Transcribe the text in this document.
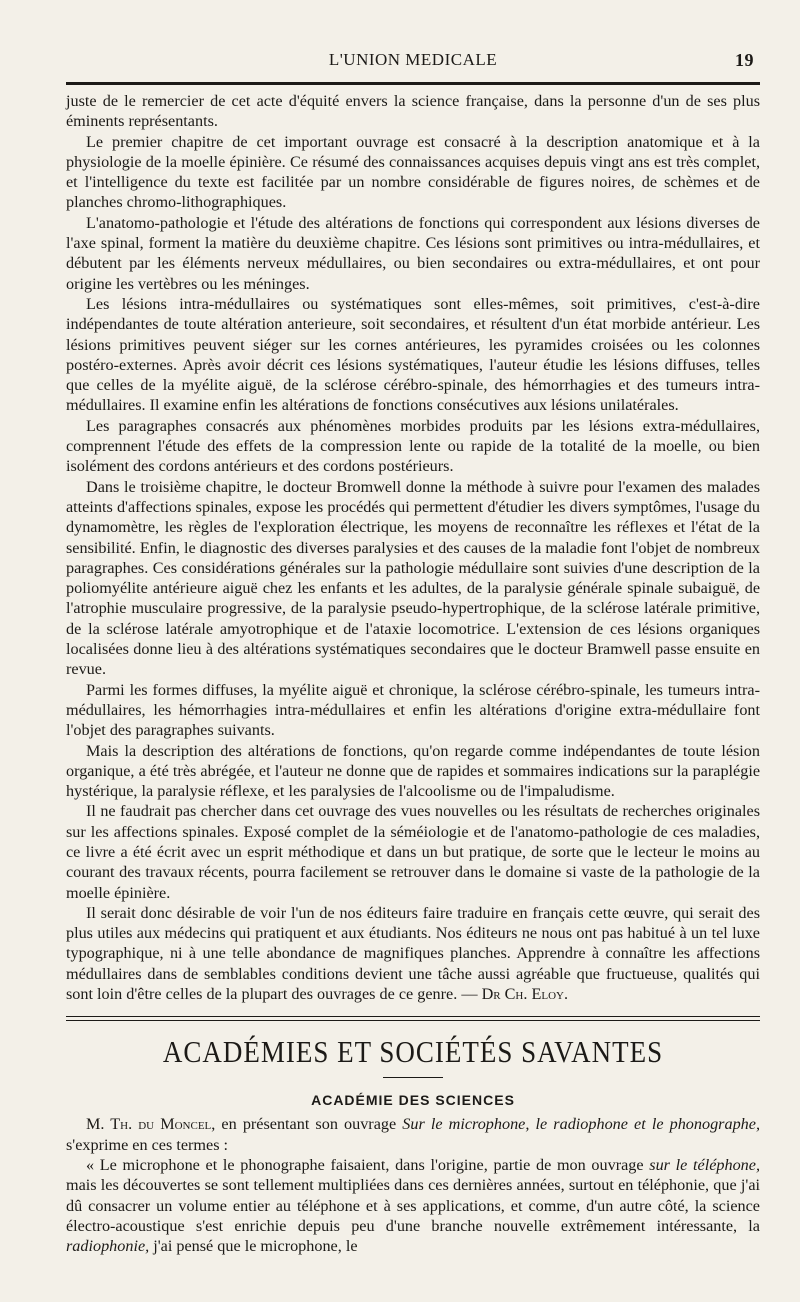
L'UNION MEDICALE	19

juste de le remercier de cet acte d'équité envers la science française, dans la personne d'un de ses plus éminents représentants.

Le premier chapitre de cet important ouvrage est consacré à la description anatomique et à la physiologie de la moelle épinière. Ce résumé des connaissances acquises depuis vingt ans est très complet, et l'intelligence du texte est facilitée par un nombre considérable de figures noires, de schèmes et de planches chromo-lithographiques.

L'anatomo-pathologie et l'étude des altérations de fonctions qui correspondent aux lésions diverses de l'axe spinal, forment la matière du deuxième chapitre. Ces lésions sont primitives ou intra-médullaires, et débutent par les éléments nerveux médullaires, ou bien secondaires ou extra-médullaires, et ont pour origine les vertèbres ou les méninges.

Les lésions intra-médullaires ou systématiques sont elles-mêmes, soit primitives, c'est-à-dire indépendantes de toute altération anterieure, soit secondaires, et résultent d'un état morbide antérieur. Les lésions primitives peuvent siéger sur les cornes antérieures, les pyramides croisées ou les colonnes postéro-externes. Après avoir décrit ces lésions systématiques, l'auteur étudie les lésions diffuses, telles que celles de la myélite aiguë, de la sclérose cérébro-spinale, des hémorrhagies et des tumeurs intra-médullaires. Il examine enfin les altérations de fonctions consécutives aux lésions unilatérales.

Les paragraphes consacrés aux phénomènes morbides produits par les lésions extra-médullaires, comprennent l'étude des effets de la compression lente ou rapide de la totalité de la moelle, ou bien isolément des cordons antérieurs et des cordons postérieurs.

Dans le troisième chapitre, le docteur Bromwell donne la méthode à suivre pour l'examen des malades atteints d'affections spinales, expose les procédés qui permettent d'étudier les divers symptômes, l'usage du dynamomètre, les règles de l'exploration électrique, les moyens de reconnaître les réflexes et l'état de la sensibilité. Enfin, le diagnostic des diverses paralysies et des causes de la maladie font l'objet de nombreux paragraphes. Ces considérations générales sur la pathologie médullaire sont suivies d'une description de la poliomyélite antérieure aiguë chez les enfants et les adultes, de la paralysie générale spinale subaiguë, de l'atrophie musculaire progressive, de la paralysie pseudo-hypertrophique, de la sclérose latérale primitive, de la sclérose latérale amyotrophique et de l'ataxie locomotrice. L'extension de ces lésions organiques localisées donne lieu à des altérations systématiques secondaires que le docteur Bramwell passe ensuite en revue.

Parmi les formes diffuses, la myélite aiguë et chronique, la sclérose cérébro-spinale, les tumeurs intra-médullaires, les hémorrhagies intra-médullaires et enfin les altérations d'origine extra-médullaire font l'objet des paragraphes suivants.

Mais la description des altérations de fonctions, qu'on regarde comme indépendantes de toute lésion organique, a été très abrégée, et l'auteur ne donne que de rapides et sommaires indications sur la paraplégie hystérique, la paralysie réflexe, et les paralysies de l'alcoolisme ou de l'impaludisme.

Il ne faudrait pas chercher dans cet ouvrage des vues nouvelles ou les résultats de recherches originales sur les affections spinales. Exposé complet de la séméiologie et de l'anatomo-pathologie de ces maladies, ce livre a été écrit avec un esprit méthodique et dans un but pratique, de sorte que le lecteur le moins au courant des travaux récents, pourra facilement se retrouver dans le domaine si vaste de la pathologie de la moelle épinière.

Il serait donc désirable de voir l'un de nos éditeurs faire traduire en français cette œuvre, qui serait des plus utiles aux médecins qui pratiquent et aux étudiants. Nos éditeurs ne nous ont pas habitué à un tel luxe typographique, ni à une telle abondance de magnifiques planches. Apprendre à connaître les affections médullaires dans de semblables conditions devient une tâche aussi agréable que fructueuse, qualités qui sont loin d'être celles de la plupart des ouvrages de ce genre. — Dr Ch. Eloy.

ACADÉMIES ET SOCIÉTÉS SAVANTES
ACADÉMIE DES SCIENCES

M. Th. du Moncel, en présentant son ouvrage Sur le microphone, le radiophone et le phonographe, s'exprime en ces termes :

« Le microphone et le phonographe faisaient, dans l'origine, partie de mon ouvrage sur le téléphone, mais les découvertes se sont tellement multipliées dans ces dernières années, surtout en téléphonie, que j'ai dû consacrer un volume entier au téléphone et à ses applications, et comme, d'un autre côté, la science électro-acoustique s'est enrichie depuis peu d'une branche nouvelle extrêmement intéressante, la radiophonie, j'ai pensé que le microphone, le
